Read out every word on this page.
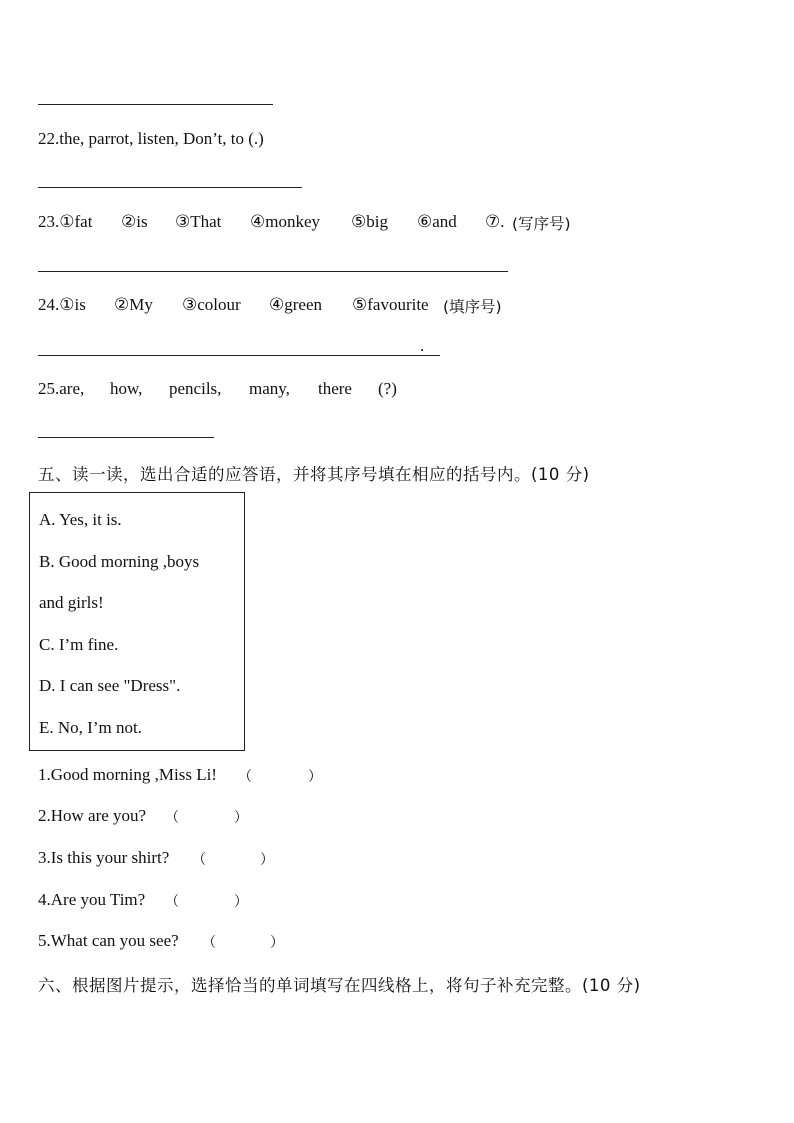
22.the, parrot, listen, Don’t, to (.)
23.①fat ②is ③That ④monkey ⑤big ⑥and ⑦. (写序号)
24.①is ②My ③colour ④green ⑤favourite (填序号)
.
25.are, how, pencils, many, there (?)
五、读一读，选出合适的应答语，并将其序号填在相应的括号内。(10 分)
A. Yes, it is.
B. Good morning ,boys
and girls!
C. I’m fine.
D. I can see "Dress".
E. No, I’m not.
1.Good morning ,Miss Li! （	）
2.How are you? （	）
3.Is this your shirt? （	）
4.Are you Tim? （	）
5.What can you see? （	）
六、根据图片提示，选择恰当的单词填写在四线格上，将句子补充完整。(10 分)
